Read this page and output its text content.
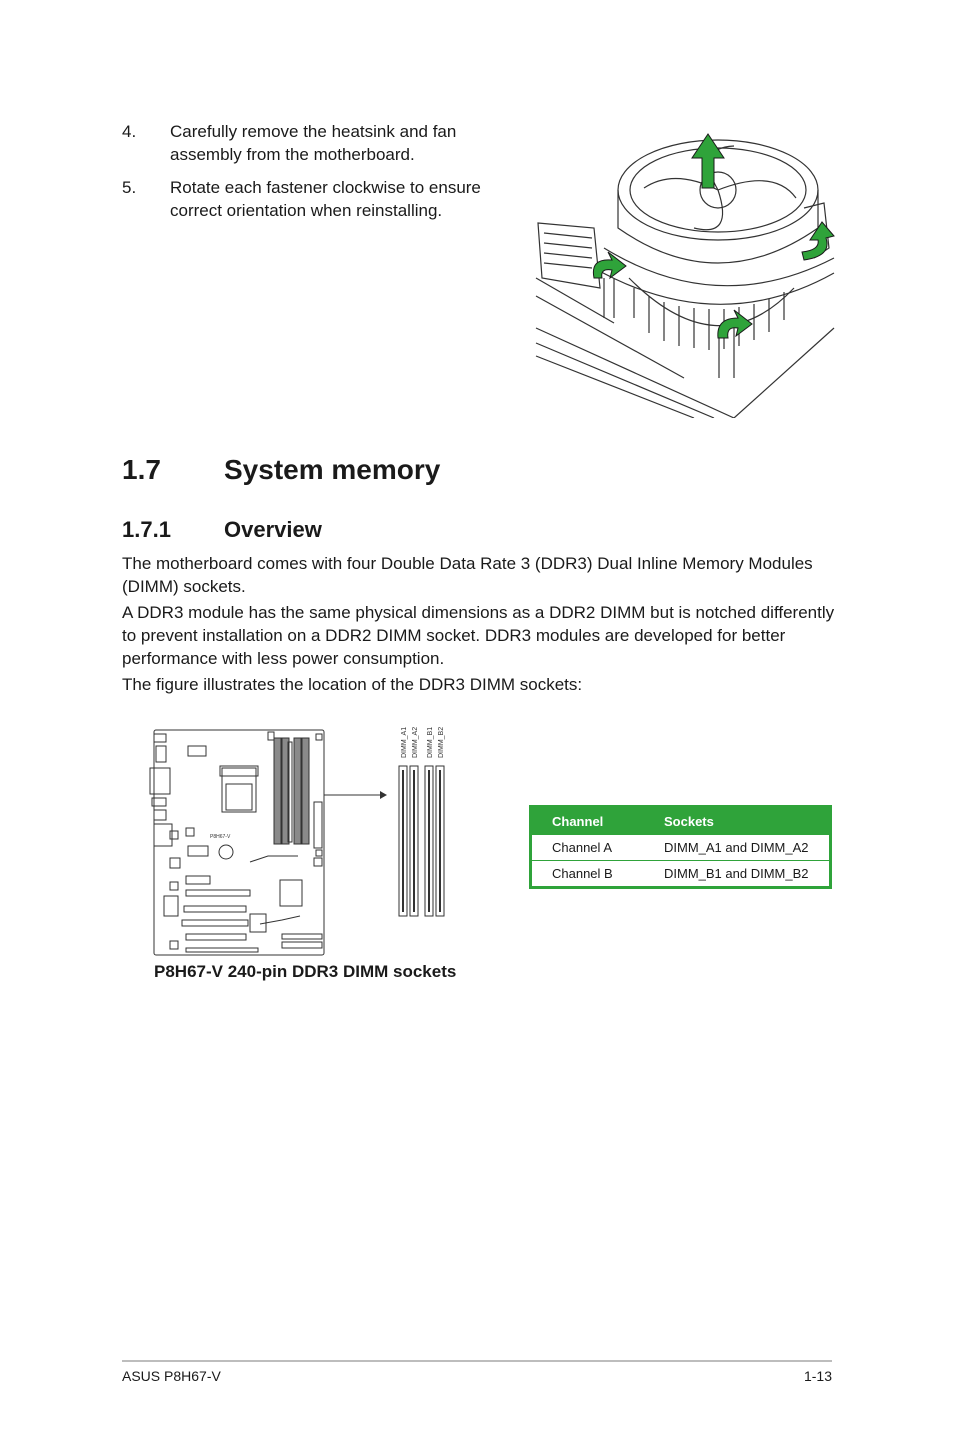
4.	Carefully remove the heatsink and fan assembly from the motherboard.
5.	Rotate each fastener clockwise to ensure correct orientation when reinstalling.
1.7	System memory
1.7.1	Overview

The motherboard comes with four Double Data Rate 3 (DDR3) Dual Inline Memory Modules (DIMM) sockets.

A DDR3 module has the same physical dimensions as a DDR2 DIMM but is notched differently to prevent installation on a DDR2 DIMM socket. DDR3 modules are developed for better performance with less power consumption.

The figure illustrates the location of the DDR3 DIMM sockets:

P8H67-V
DIMM_A1 DIMM_A2 DIMM_B1 DIMM_B2

P8H67-V 240-pin DDR3 DIMM sockets

Channel	Sockets
Channel A	DIMM_A1 and DIMM_A2
Channel B	DIMM_B1 and DIMM_B2
ASUS P8H67-V	1-13
